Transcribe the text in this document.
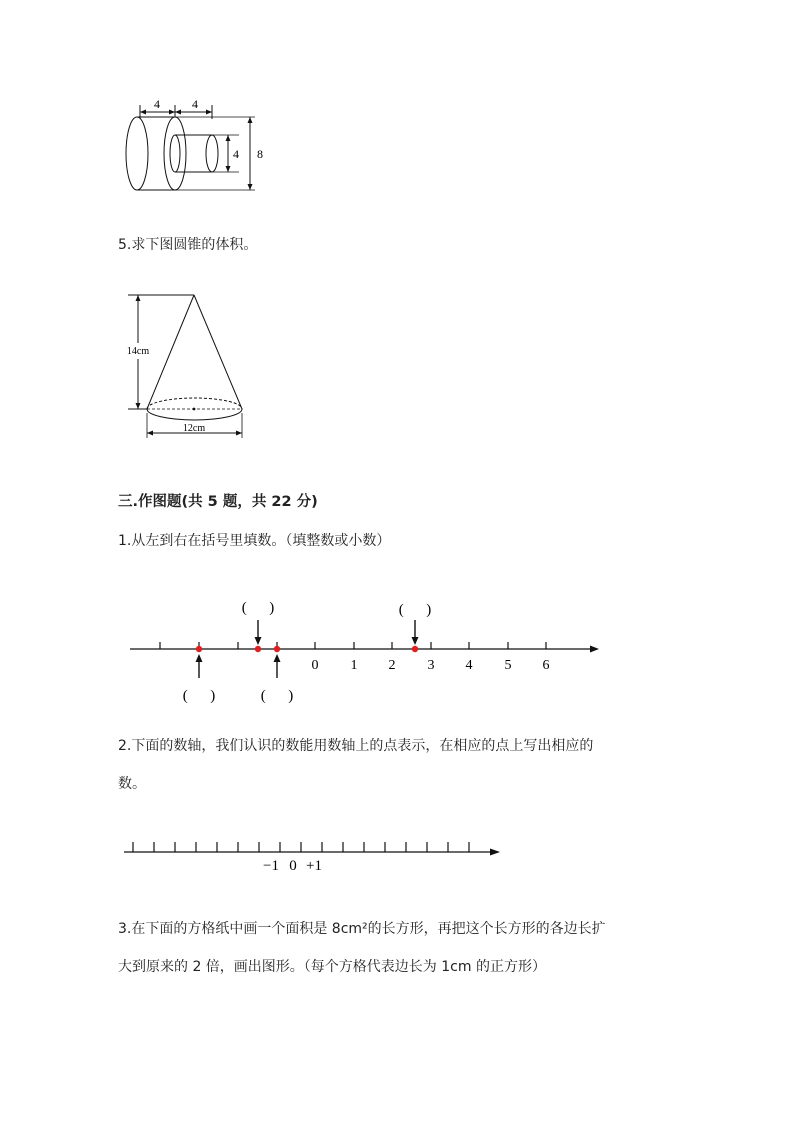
4	4
4 8
5.求下图圆锥的体积。
14cm
12cm
三.作图题(共 5 题，共 22 分)
1.从左到右在括号里填数。（填整数或小数）
0 1 2 3 4 5 6
(      )	(      )
(      )	(      )
2.下面的数轴，我们认识的数能用数轴上的点表示，在相应的点上写出相应的
数。
−1 0 +1
3.在下面的方格纸中画一个面积是 8cm²的长方形，再把这个长方形的各边长扩
大到原来的 2 倍，画出图形。（每个方格代表边长为 1cm 的正方形）
